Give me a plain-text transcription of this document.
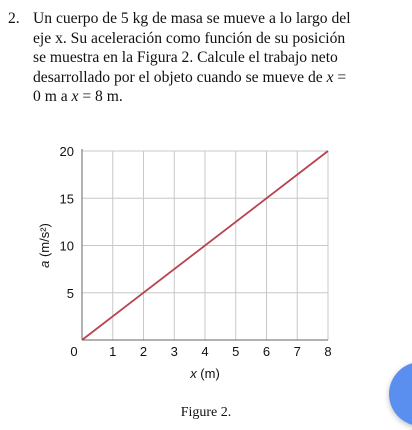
2. Un cuerpo de 5 kg de masa se mueve a lo largo del
eje x. Su aceleración como función de su posición
se muestra en la Figura 2. Calcule el trabajo neto
desarrollado por el objeto cuando se mueve de x =
0 m a x = 8 m.
0 1 2 3 4 5 6 7 8
5
10
15
20
x (m)
a (m/s²)
Figure 2.
